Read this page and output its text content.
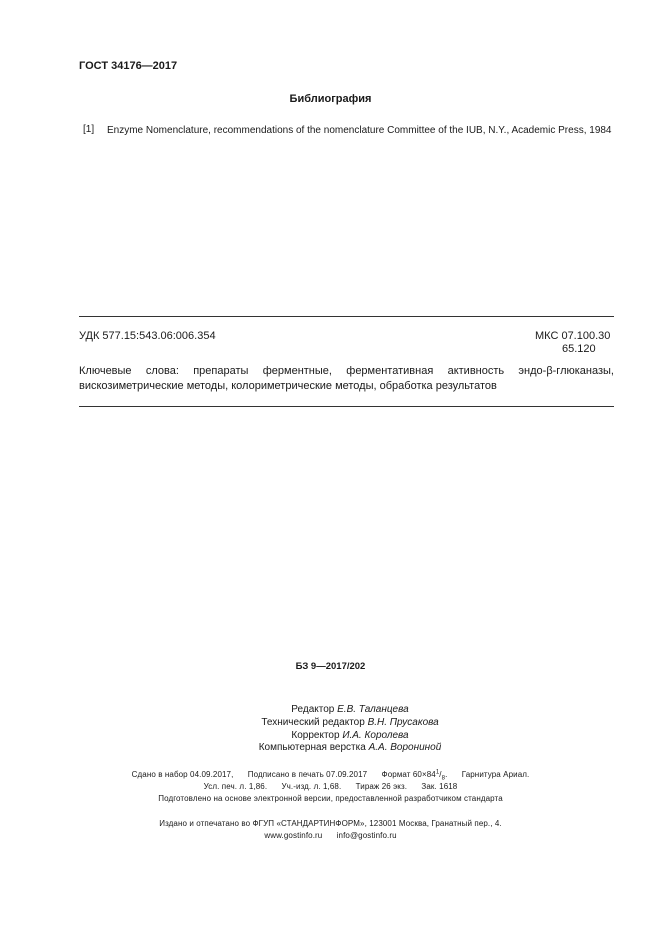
ГОСТ 34176—2017
Библиография
[1] Enzyme Nomenclature, recommendations of the nomenclature Committee of the IUB, N.Y., Academic Press, 1984
УДК 577.15:543.06:006.354	МКС 07.100.30
65.120
Ключевые слова: препараты ферментные, ферментативная активность эндо-β-глюканазы, вискозиметрические методы, колориметрические методы, обработка результатов
БЗ 9—2017/202
Редактор Е.В. Таланцева
Технический редактор В.Н. Прусакова
Корректор И.А. Королева
Компьютерная верстка А.А. Ворониной
Сдано в набор 04.09.2017, Подписано в печать 07.09.2017 Формат $60\times 84^1/_8$. Гарнитура Ариал.
Усл. печ. л. 1,86. Уч.-изд. л. 1,68. Тираж 26 экз. Зак. 1618
Подготовлено на основе электронной версии, предоставленной разработчиком стандарта
Издано и отпечатано во ФГУП «СТАНДАРТИНФОРМ», 123001 Москва, Гранатный пер., 4.
www.gostinfo.ru info@gostinfo.ru
